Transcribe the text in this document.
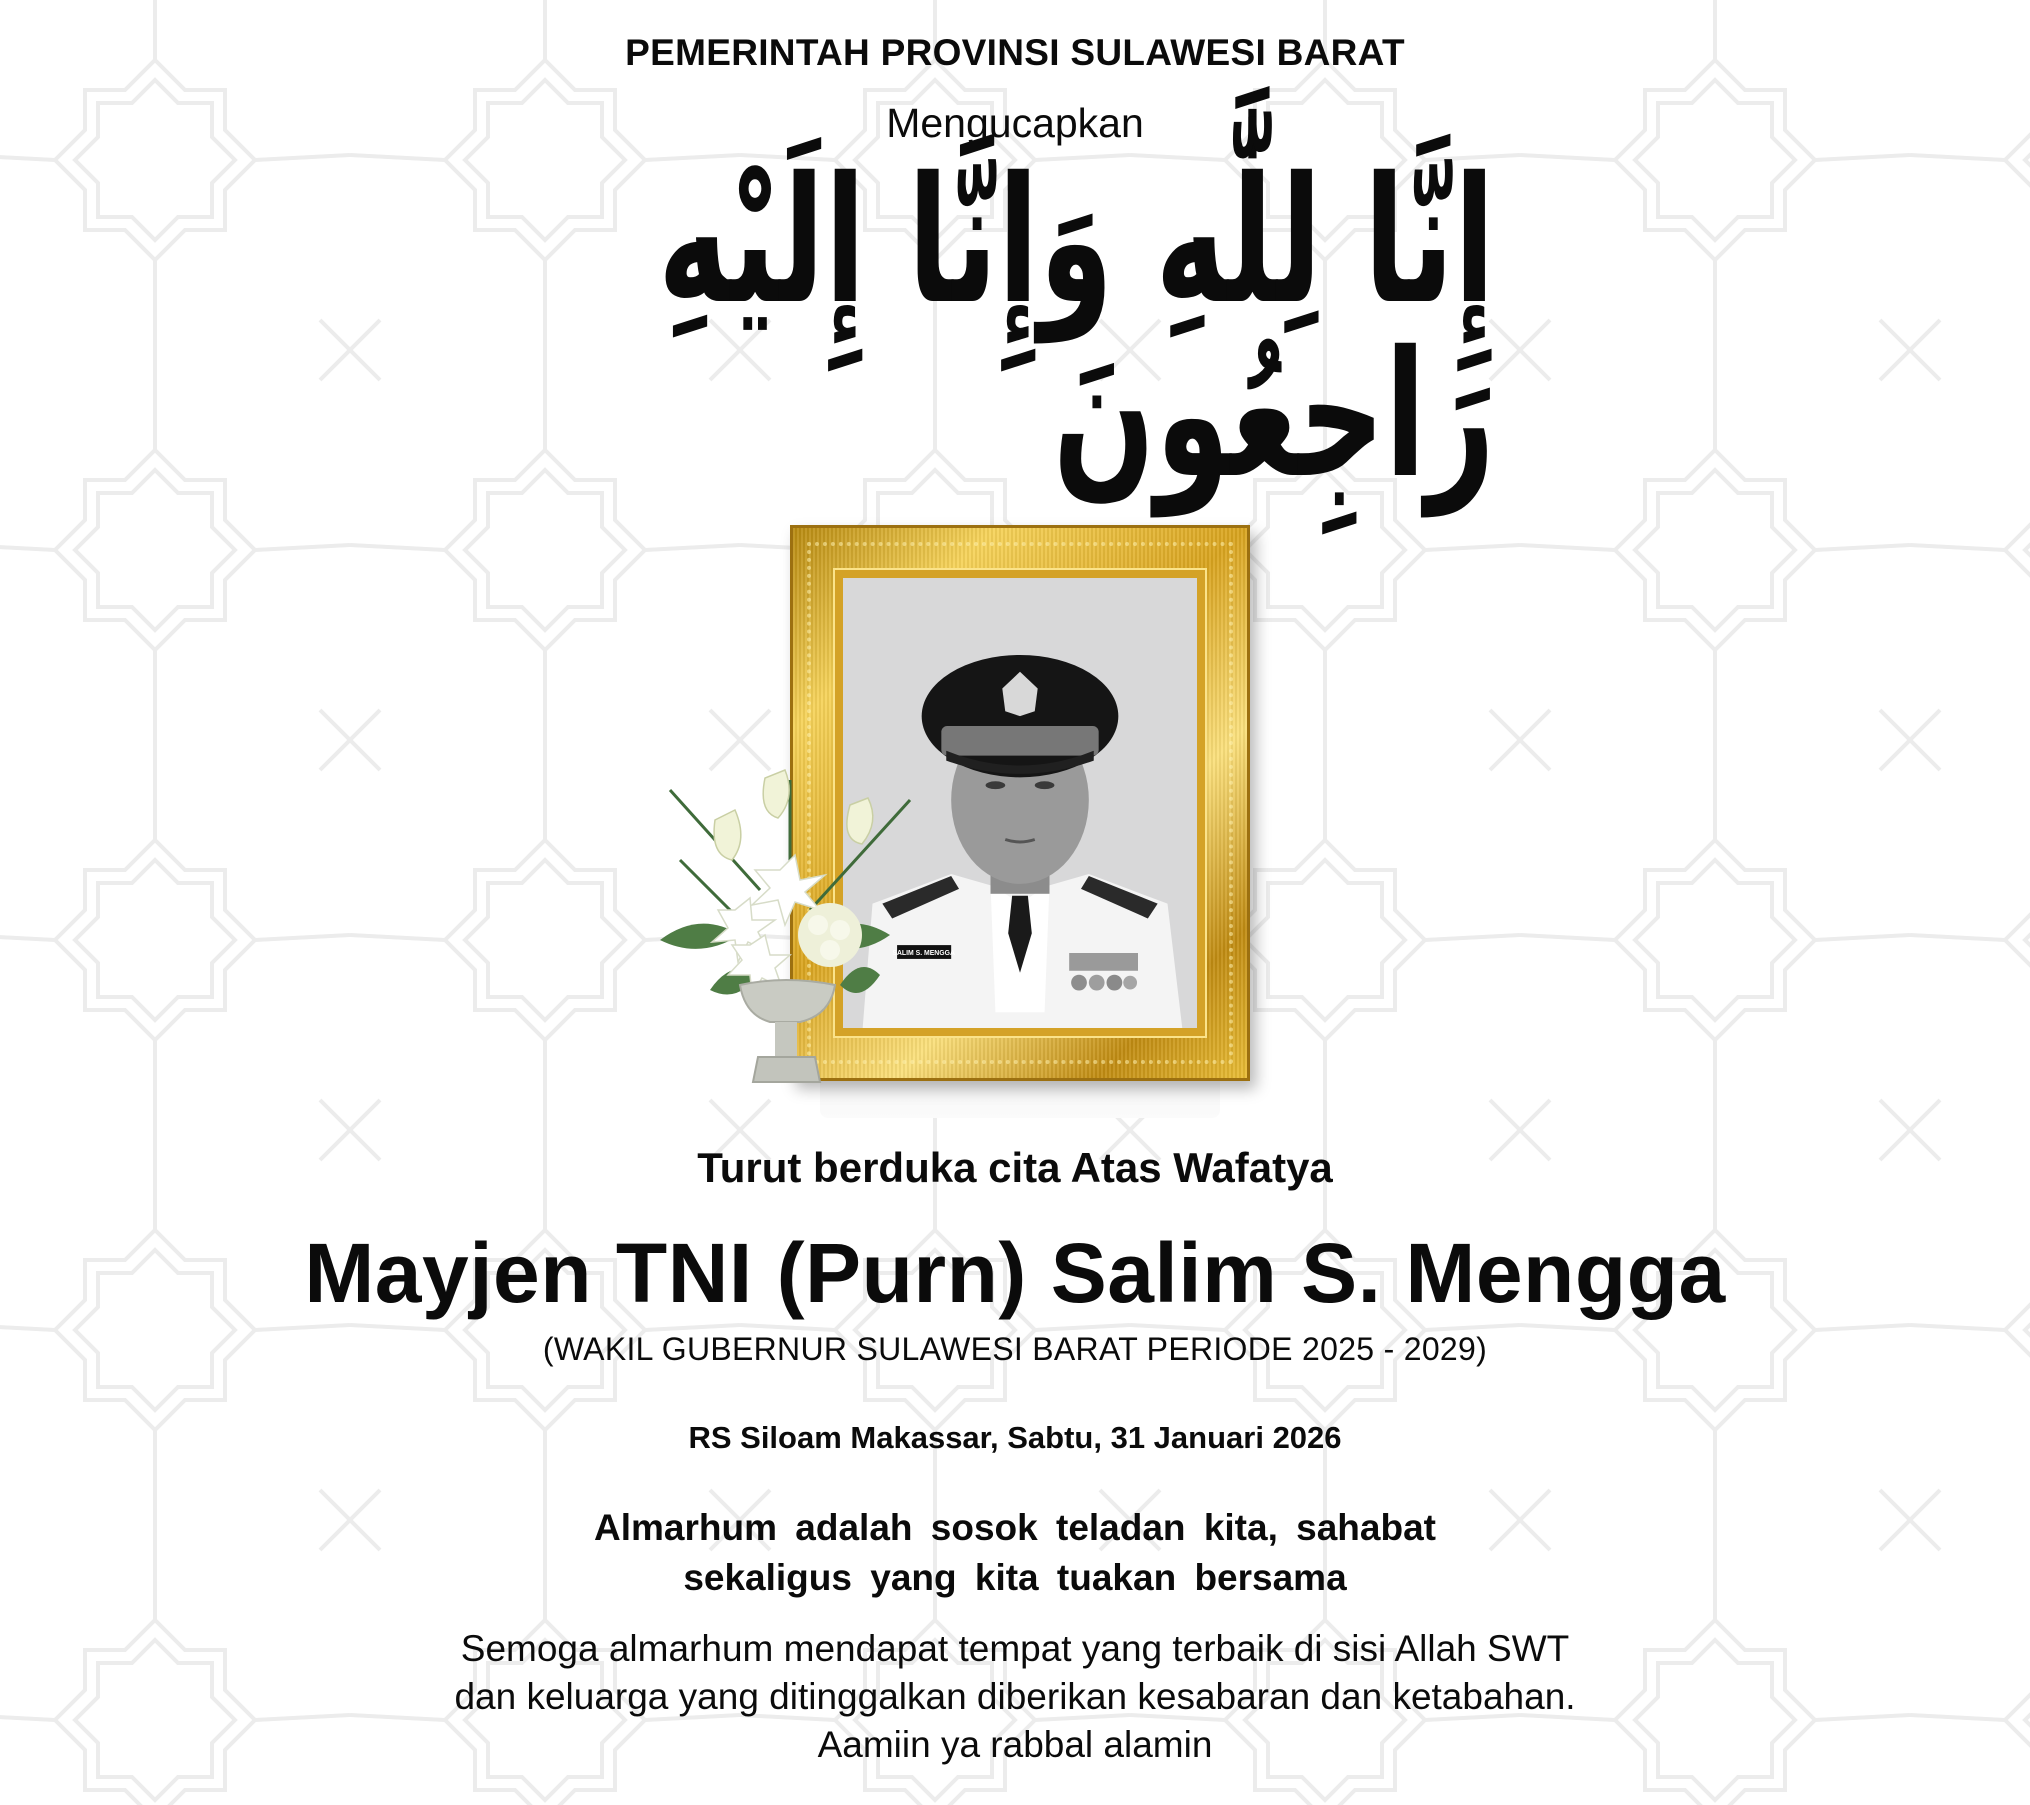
PEMERINTAH PROVINSI SULAWESI BARAT
Mengucapkan
إِنَّا لِلَّٰهِ وَإِنَّا إِلَيْهِ رَاجِعُونَ
SALIM S. MENGGA
Turut berduka cita Atas Wafatya
Mayjen TNI (Purn) Salim S. Mengga
(WAKIL GUBERNUR SULAWESI BARAT PERIODE 2025 - 2029)
RS Siloam Makassar, Sabtu, 31 Januari 2026
Almarhum adalah sosok teladan kita, sahabat
sekaligus yang kita tuakan bersama
Semoga almarhum mendapat tempat yang terbaik di sisi Allah SWT
dan keluarga yang ditinggalkan diberikan kesabaran dan ketabahan.
Aamiin ya rabbal alamin
